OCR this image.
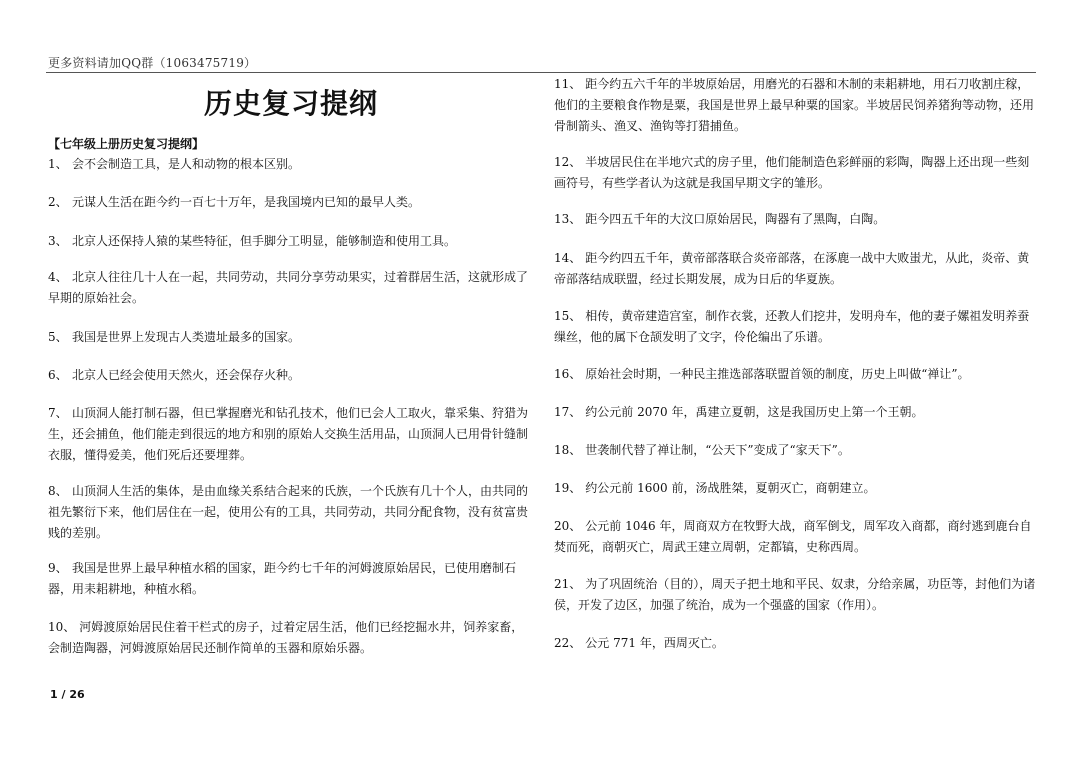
更多资料请加QQ群（1063475719）
历史复习提纲
【七年级上册历史复习提纲】

1、 会不会制造工具，是人和动物的根本区别。

2、 元谋人生活在距今约一百七十万年，是我国境内已知的最早人类。

3、 北京人还保持人猿的某些特征，但手脚分工明显，能够制造和使用工具。

4、 北京人往往几十人在一起，共同劳动，共同分享劳动果实，过着群居生活，这就形成了早期的原始社会。

5、 我国是世界上发现古人类遗址最多的国家。

6、 北京人已经会使用天然火，还会保存火种。

7、 山顶洞人能打制石器，但已掌握磨光和钻孔技术，他们已会人工取火，靠采集、狩猎为生，还会捕鱼，他们能走到很远的地方和别的原始人交换生活用品，山顶洞人已用骨针缝制衣服，懂得爱美，他们死后还要埋葬。

8、 山顶洞人生活的集体，是由血缘关系结合起来的氏族，一个氏族有几十个人，由共同的祖先繁衍下来，他们居住在一起，使用公有的工具，共同劳动，共同分配食物，没有贫富贵贱的差别。

9、 我国是世界上最早种植水稻的国家，距今约七千年的河姆渡原始居民，已使用磨制石器，用耒耜耕地，种植水稻。

10、 河姆渡原始居民住着干栏式的房子，过着定居生活，他们已经挖掘水井，饲养家畜，会制造陶器，河姆渡原始居民还制作简单的玉器和原始乐器。

11、 距今约五六千年的半坡原始居，用磨光的石器和木制的耒耜耕地，用石刀收割庄稼，他们的主要粮食作物是粟，我国是世界上最早种粟的国家。半坡居民饲养猪狗等动物，还用骨制箭头、渔叉、渔钩等打猎捕鱼。

12、 半坡居民住在半地穴式的房子里，他们能制造色彩鲜丽的彩陶，陶器上还出现一些刻画符号，有些学者认为这就是我国早期文字的雏形。

13、 距今四五千年的大汶口原始居民，陶器有了黑陶，白陶。

14、 距今约四五千年，黄帝部落联合炎帝部落，在涿鹿一战中大败蚩尤，从此，炎帝、黄帝部落结成联盟，经过长期发展，成为日后的华夏族。

15、 相传，黄帝建造宫室，制作衣裳，还教人们挖井，发明舟车，他的妻子嫘祖发明养蚕缫丝，他的属下仓颉发明了文字，伶伦编出了乐谱。

16、 原始社会时期，一种民主推选部落联盟首领的制度，历史上叫做“禅让”。

17、 约公元前 2070 年，禹建立夏朝，这是我国历史上第一个王朝。

18、 世袭制代替了禅让制，“公天下”变成了“家天下”。

19、 约公元前 1600 前，汤战胜桀，夏朝灭亡，商朝建立。

20、 公元前 1046 年，周商双方在牧野大战，商军倒戈，周军攻入商都，商纣逃到鹿台自焚而死，商朝灭亡，周武王建立周朝，定都镐，史称西周。

21、 为了巩固统治（目的），周天子把土地和平民、奴隶，分给亲属，功臣等，封他们为诸侯，开发了边区，加强了统治，成为一个强盛的国家（作用）。

22、 公元 771 年，西周灭亡。

1 / 26
